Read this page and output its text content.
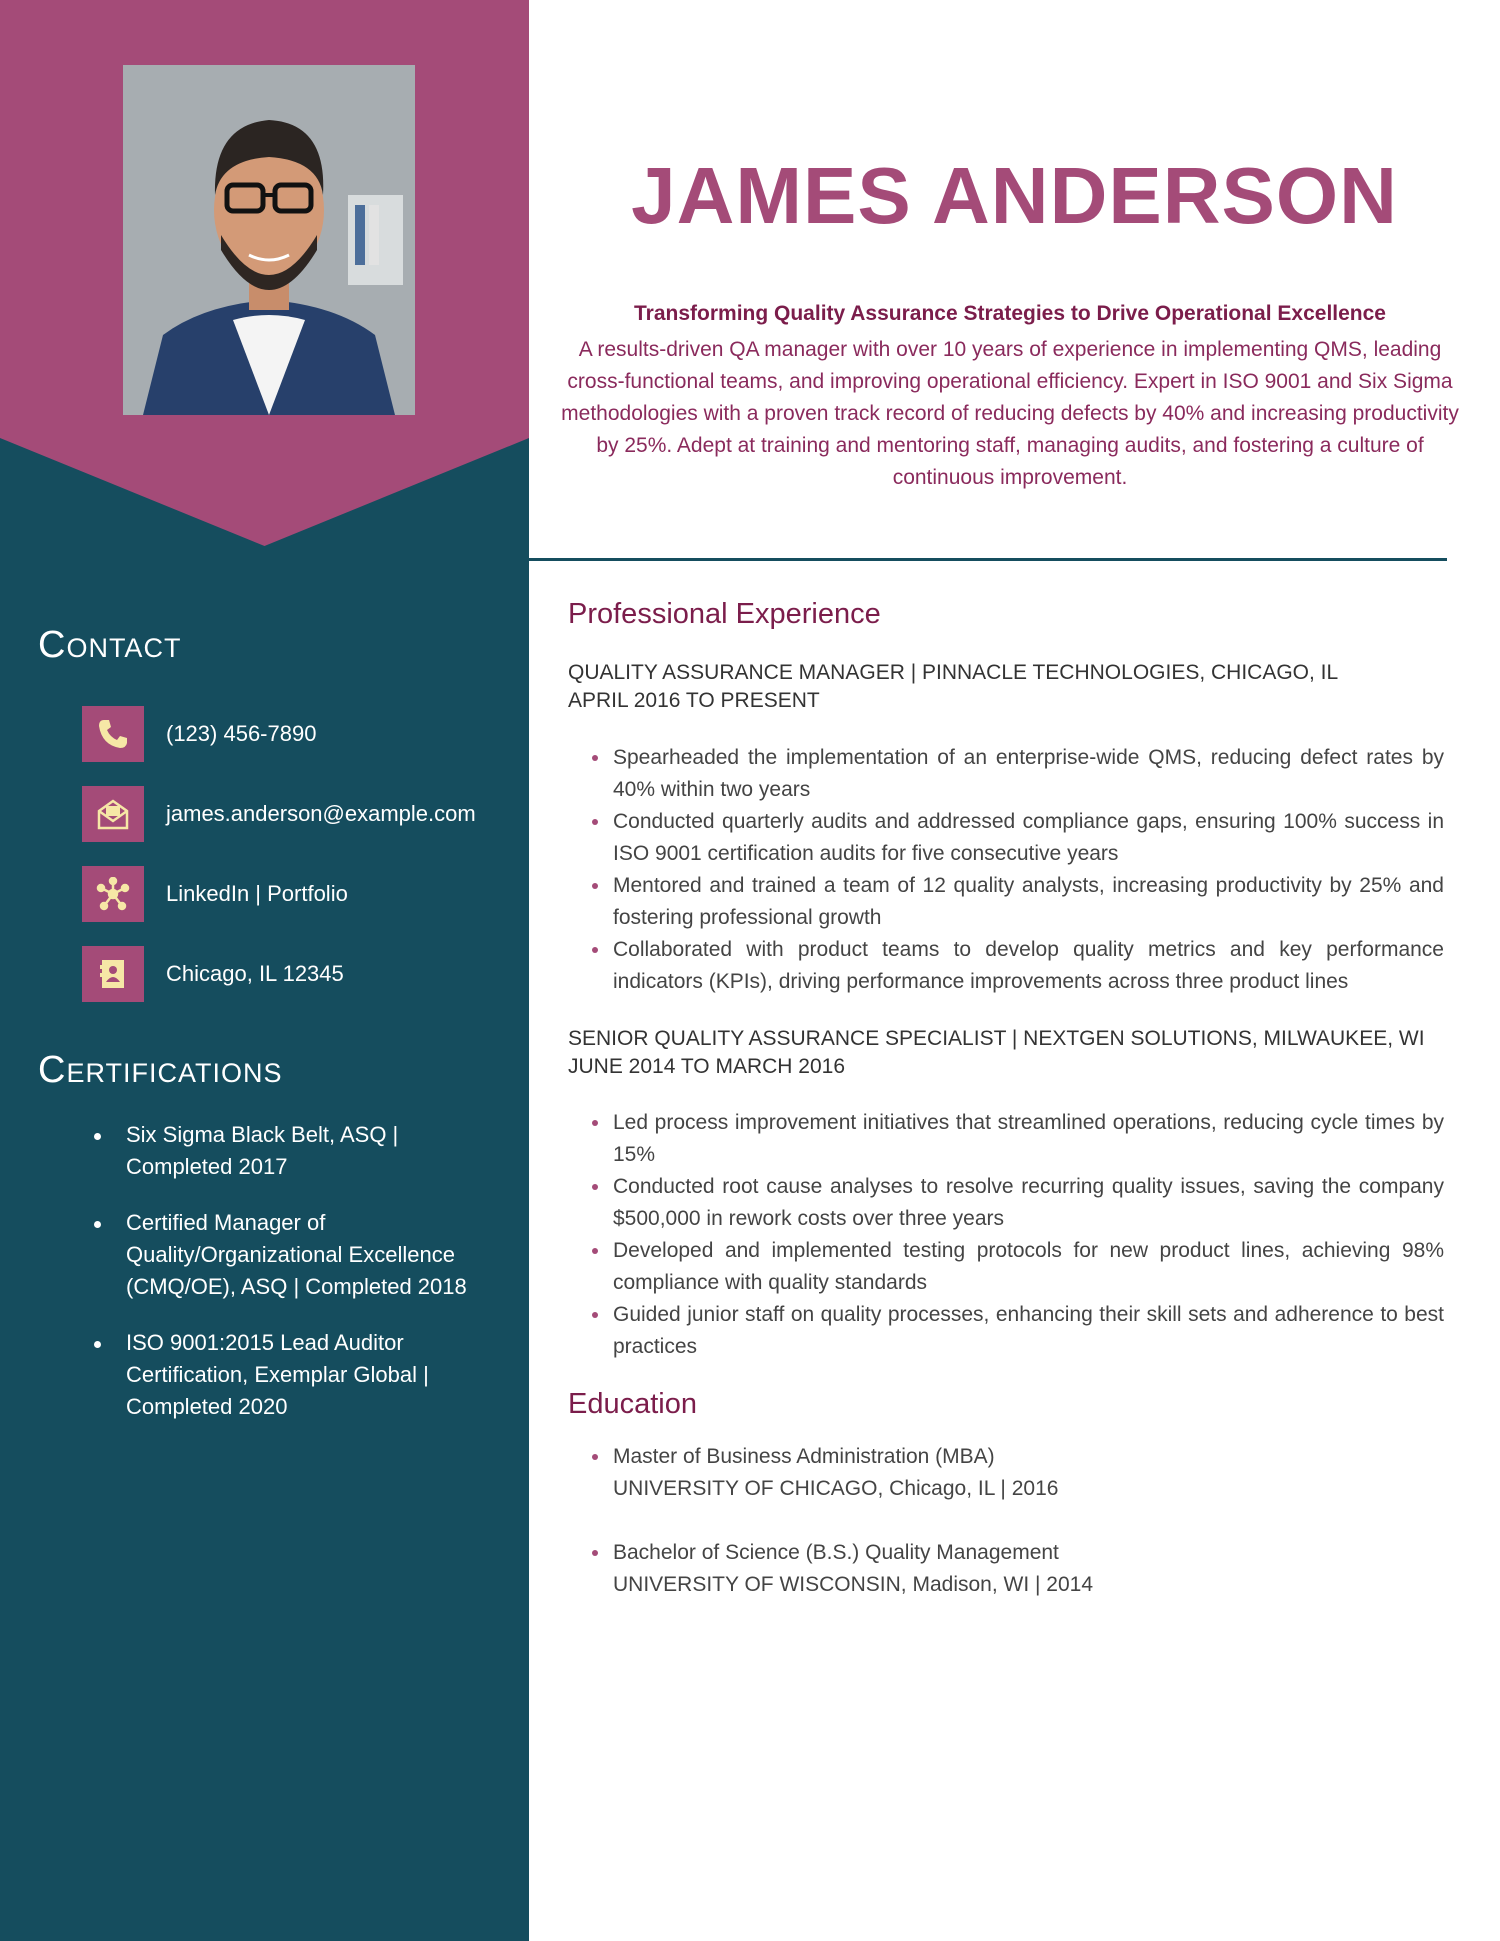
Contact
(123) 456-7890
james.anderson@example.com
LinkedIn | Portfolio
Chicago, IL 12345
Certifications
Six Sigma Black Belt, ASQ | Completed 2017
Certified Manager of Quality/Organizational Excellence (CMQ/OE), ASQ | Completed 2018
ISO 9001:2015 Lead Auditor Certification, Exemplar Global | Completed 2020
JAMES ANDERSON

Transforming Quality Assurance Strategies to Drive Operational Excellence

A results-driven QA manager with over 10 years of experience in implementing QMS, leading cross-functional teams, and improving operational efficiency. Expert in ISO 9001 and Six Sigma methodologies with a proven track record of reducing defects by 40% and increasing productivity by 25%. Adept at training and mentoring staff, managing audits, and fostering a culture of continuous improvement.

Professional Experience
QUALITY ASSURANCE MANAGER | PINNACLE TECHNOLOGIES, CHICAGO, IL
APRIL 2016 TO PRESENT
Spearheaded the implementation of an enterprise-wide QMS, reducing defect rates by 40% within two years
Conducted quarterly audits and addressed compliance gaps, ensuring 100% success in ISO 9001 certification audits for five consecutive years
Mentored and trained a team of 12 quality analysts, increasing productivity by 25% and fostering professional growth
Collaborated with product teams to develop quality metrics and key performance indicators (KPIs), driving performance improvements across three product lines
SENIOR QUALITY ASSURANCE SPECIALIST | NEXTGEN SOLUTIONS, MILWAUKEE, WI
JUNE 2014 TO MARCH 2016
Led process improvement initiatives that streamlined operations, reducing cycle times by 15%
Conducted root cause analyses to resolve recurring quality issues, saving the company $500,000 in rework costs over three years
Developed and implemented testing protocols for new product lines, achieving 98% compliance with quality standards
Guided junior staff on quality processes, enhancing their skill sets and adherence to best practices
Education
Master of Business Administration (MBA)
UNIVERSITY OF CHICAGO, Chicago, IL | 2016
Bachelor of Science (B.S.) Quality Management
UNIVERSITY OF WISCONSIN, Madison, WI | 2014
